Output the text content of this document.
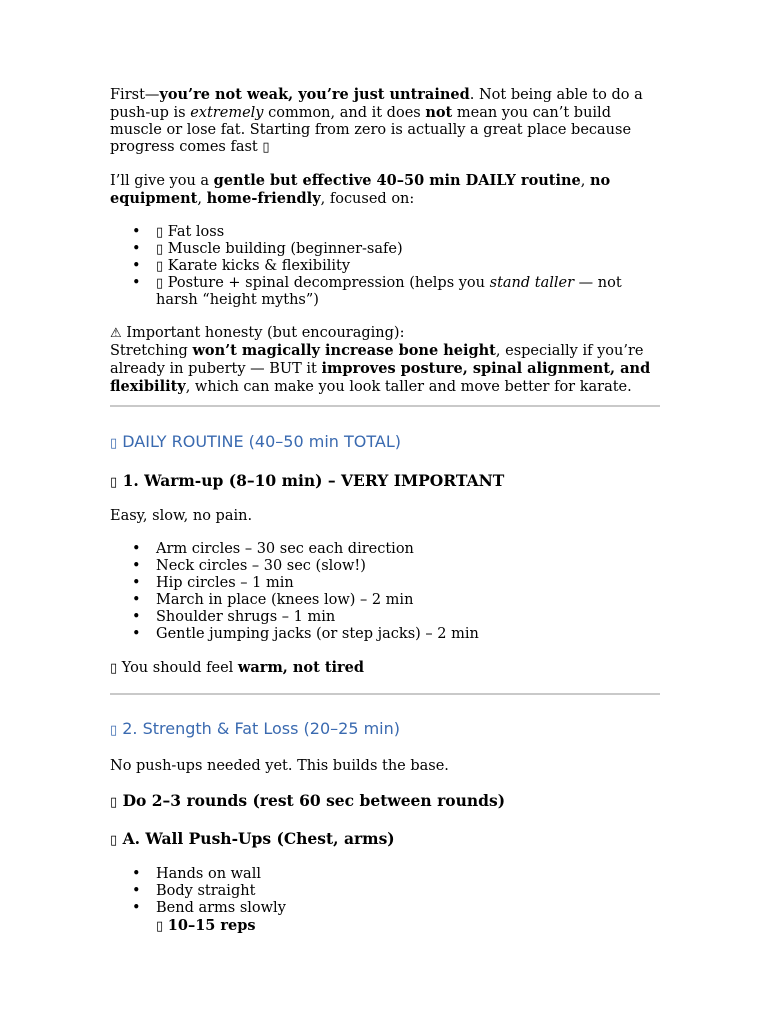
First—you’re not weak, you’re just untrained. Not being able to do a push-up is extremely common, and it does not mean you can’t build muscle or lose fat. Starting from zero is actually a great place because progress comes fast ▯

I’ll give you a gentle but effective 40–50 min DAILY routine, no equipment, home-friendly, focused on:

• ▯ Fat loss
• ▯ Muscle building (beginner-safe)
• ▯ Karate kicks & flexibility
• ▯ Posture + spinal decompression (helps you stand taller — not harsh “height myths”)

⚠ Important honesty (but encouraging):

Stretching won’t magically increase bone height, especially if you’re already in puberty — BUT it improves posture, spinal alignment, and flexibility, which can make you look taller and move better for karate.

▯ DAILY ROUTINE (40–50 min TOTAL)
▯ 1. Warm-up (8–10 min) – VERY IMPORTANT

Easy, slow, no pain.

• Arm circles – 30 sec each direction
• Neck circles – 30 sec (slow!)
• Hip circles – 1 min
• March in place (knees low) – 2 min
• Shoulder shrugs – 1 min
• Gentle jumping jacks (or step jacks) – 2 min

▯ You should feel warm, not tired

▯ 2. Strength & Fat Loss (20–25 min)

No push-ups needed yet. This builds the base.

▯ Do 2–3 rounds (rest 60 sec between rounds)
▯ A. Wall Push-Ups (Chest, arms)
• Hands on wall
• Body straight
• Bend arms slowly
▯ 10–15 reps
